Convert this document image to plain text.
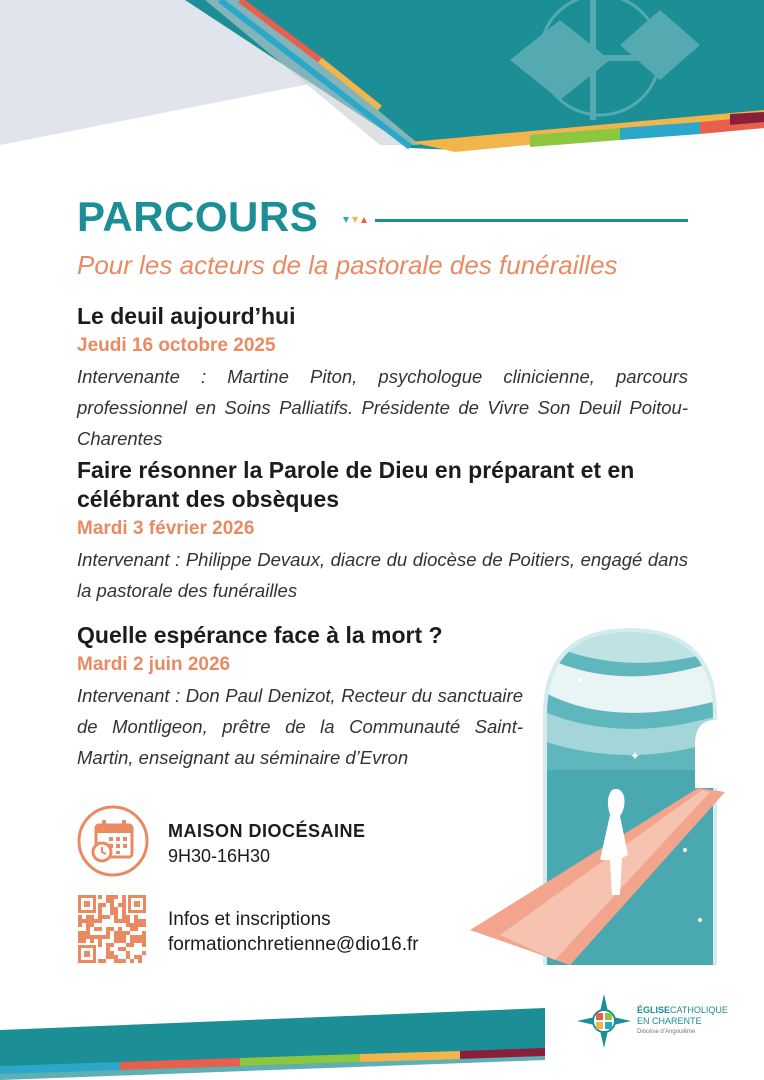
PARCOURS

Pour les acteurs de la pastorale des funérailles

Le deuil aujourd’hui

Jeudi 16 octobre 2025

Intervenante : Martine Piton, psychologue clinicienne, parcours professionnel en Soins Palliatifs. Présidente de Vivre Son Deuil Poitou-Charentes

Faire résonner la Parole de Dieu en préparant et en célébrant des obsèques

Mardi 3 février 2026

Intervenant : Philippe Devaux, diacre du diocèse de Poitiers, engagé dans la pastorale des funérailles

Quelle espérance face à la mort ?

Mardi 2 juin 2026

Intervenant : Don Paul Denizot, Recteur du sanctuaire de Montligeon, prêtre de la Communauté Saint-Martin, enseignant au séminaire d’Evron

✦
✦
✦
MAISON DIOCÉSAINE
9H30-16H30
Infos et inscriptions
formationchretienne@dio16.fr
ÉGLISECATHOLIQUE
EN CHARENTE
Diocèse d’Angoulême
